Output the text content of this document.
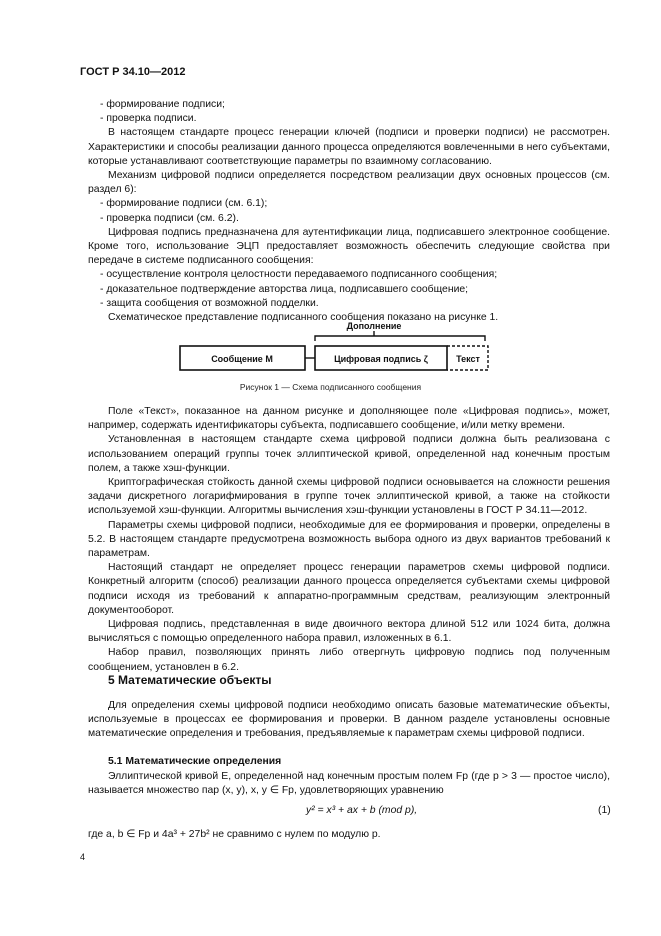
ГОСТ Р 34.10—2012

- формирование подписи;

- проверка подписи.

В настоящем стандарте процесс генерации ключей (подписи и проверки подписи) не рассмотрен. Характеристики и способы реализации данного процесса определяются вовлеченными в него субъектами, которые устанавливают соответствующие параметры по взаимному согласованию.

Механизм цифровой подписи определяется посредством реализации двух основных процессов (см. раздел 6):

- формирование подписи (см. 6.1);

- проверка подписи (см. 6.2).

Цифровая подпись предназначена для аутентификации лица, подписавшего электронное сообщение. Кроме того, использование ЭЦП предоставляет возможность обеспечить следующие свойства при передаче в системе подписанного сообщения:

- осуществление контроля целостности передаваемого подписанного сообщения;

- доказательное подтверждение авторства лица, подписавшего сообщение;

- защита сообщения от возможной подделки.

Схематическое представление подписанного сообщения показано на рисунке 1.

Дополнение
Сообщение M	Цифровая подпись ζ	Текст
Рисунок 1 — Схема подписанного сообщения

Поле «Текст», показанное на данном рисунке и дополняющее поле «Цифровая подпись», может, например, содержать идентификаторы субъекта, подписавшего сообщение, и/или метку времени.

Установленная в настоящем стандарте схема цифровой подписи должна быть реализована с использованием операций группы точек эллиптической кривой, определенной над конечным простым полем, а также хэш-функции.

Криптографическая стойкость данной схемы цифровой подписи основывается на сложности решения задачи дискретного логарифмирования в группе точек эллиптической кривой, а также на стойкости используемой хэш-функции. Алгоритмы вычисления хэш-функции установлены в ГОСТ Р 34.11—2012.

Параметры схемы цифровой подписи, необходимые для ее формирования и проверки, определены в 5.2. В настоящем стандарте предусмотрена возможность выбора одного из двух вариантов требований к параметрам.

Настоящий стандарт не определяет процесс генерации параметров схемы цифровой подписи. Конкретный алгоритм (способ) реализации данного процесса определяется субъектами схемы цифровой подписи исходя из требований к аппаратно-программным средствам, реализующим электронный документооборот.

Цифровая подпись, представленная в виде двоичного вектора длиной 512 или 1024 бита, должна вычисляться с помощью определенного набора правил, изложенных в 6.1.

Набор правил, позволяющих принять либо отвергнуть цифровую подпись под полученным сообщением, установлен в 6.2.

5 Математические объекты

Для определения схемы цифровой подписи необходимо описать базовые математические объекты, используемые в процессах ее формирования и проверки. В данном разделе установлены основные математические определения и требования, предъявляемые к параметрам схемы цифровой подписи.

5.1 Математические определения

Эллиптической кривой E, определенной над конечным простым полем Fp (где p > 3 — простое число), называется множество пар (x, y), x, y ∈ Fp, удовлетворяющих уравнению

y² = x³ + ax + b (mod p),	(1)

где a, b ∈ Fp и 4a³ + 27b² не сравнимо с нулем по модулю p.

4
